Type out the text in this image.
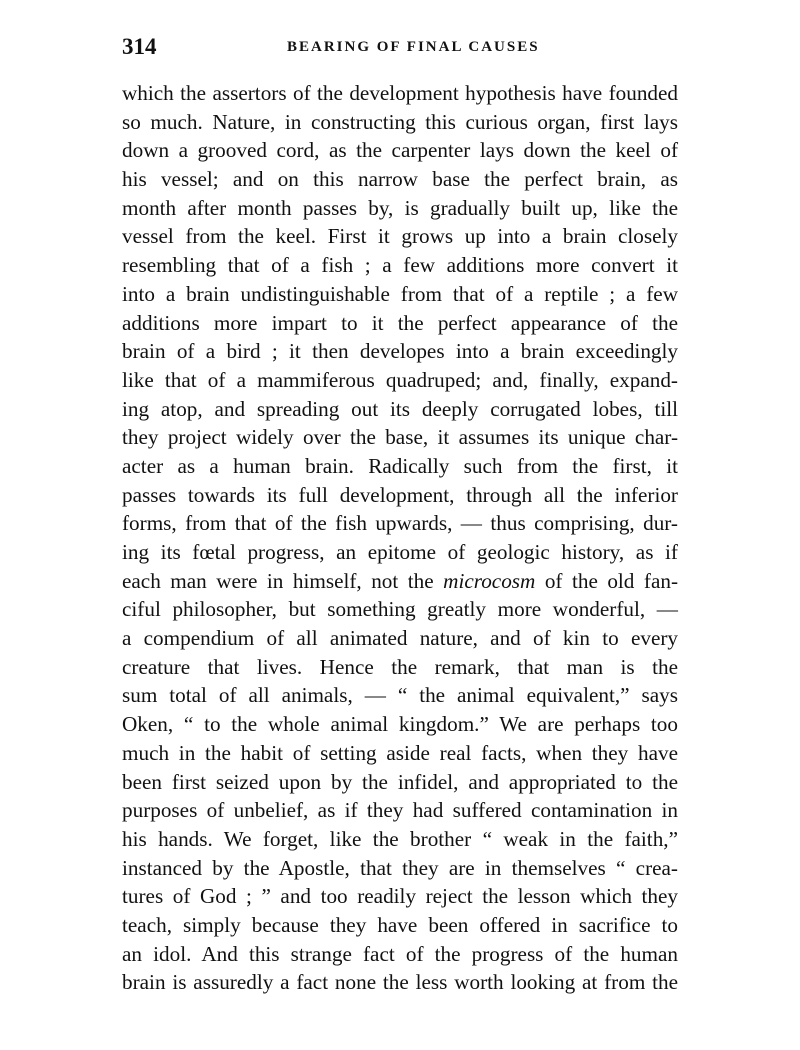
314	BEARING OF FINAL CAUSES
which the assertors of the development hypothesis have founded
so much. Nature, in constructing this curious organ, first lays
down a grooved cord, as the carpenter lays down the keel of
his vessel; and on this narrow base the perfect brain, as
month after month passes by, is gradually built up, like the
vessel from the keel. First it grows up into a brain closely
resembling that of a fish ; a few additions more convert it
into a brain undistinguishable from that of a reptile ; a few
additions more impart to it the perfect appearance of the
brain of a bird ; it then developes into a brain exceedingly
like that of a mammiferous quadruped; and, finally, expand-
ing atop, and spreading out its deeply corrugated lobes, till
they project widely over the base, it assumes its unique char-
acter as a human brain. Radically such from the first, it
passes towards its full development, through all the inferior
forms, from that of the fish upwards, — thus comprising, dur-
ing its fœtal progress, an epitome of geologic history, as if
each man were in himself, not the microcosm of the old fan-
ciful philosopher, but something greatly more wonderful, —
a compendium of all animated nature, and of kin to every
creature that lives. Hence the remark, that man is the
sum total of all animals, — “ the animal equivalent,” says
Oken, “ to the whole animal kingdom.” We are perhaps too
much in the habit of setting aside real facts, when they have
been first seized upon by the infidel, and appropriated to the
purposes of unbelief, as if they had suffered contamination in
his hands. We forget, like the brother “ weak in the faith,”
instanced by the Apostle, that they are in themselves “ crea-
tures of God ; ” and too readily reject the lesson which they
teach, simply because they have been offered in sacrifice to
an idol. And this strange fact of the progress of the human
brain is assuredly a fact none the less worth looking at from the
